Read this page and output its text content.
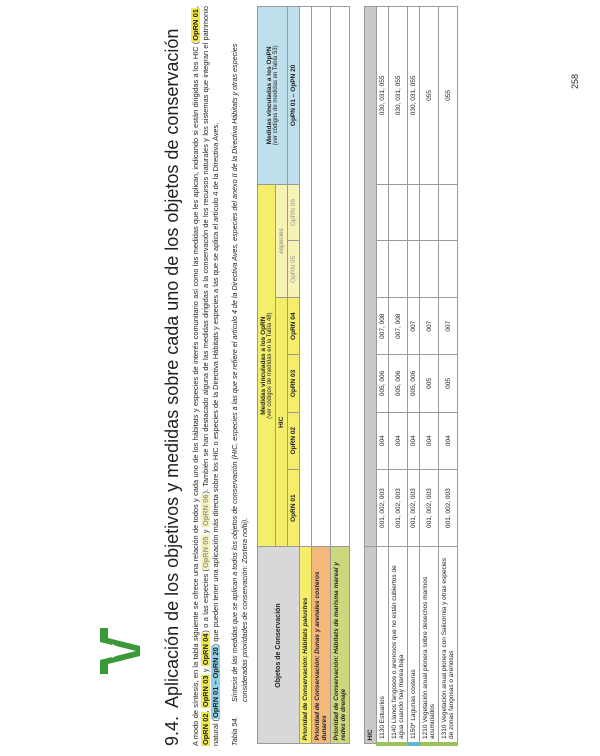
258
9.4.Aplicación de los objetivos y medidas sobre cada uno de los objetos de conservación A modo de síntesis, en la tabla siguiente se ofrece una relación de todos y cada uno de los hábitats y especies de interés comunitario así como las medidas que les aplican, indicando si están dirigidas a los HIC (OpRN 01, OpRN 02, OpRN 03 y OpRN 04) o a las especies (OpRN 05 y OpRN 06). También se han destacado alguna de las medidas dirigidas a la conservación de los recursos naturales y los sistemas que integran el patrimonio natural (OpRN 01 – OpRN 20) que pueden tener una aplicación más directa sobre los HIC o especies de la Directiva Hábitats y especies a las que se aplica el artículo 4 de la Directiva Aves.

Tabla 54.
Síntesis de las medidas que se aplican a todos los objetos de conservación (HIC, especies a las que se refiere el artículo 4 de la Directiva Aves, especies del anexo II de la Directiva Hábitats y otras especies consideradas prioridades de conservación: Zostera noltii).	Objetos de Conservación	Medidas vinculadas a los OpRN (ver códigos de medidas en la Tabla 48)						Medidas vinculadas a los OpPN (ver códigos de medidas en Tabla 53)

	HIC				especies		
	OpRN 01	OpRN 02	OpRN 03	OpRN 04	OpRN 05	OpRN 06	OpPN 01 – OpPN 20
Prioridad de Conservación: Hábitats palustres							
Prioridad de Conservación: Dunas y arenales costeros dunares							
Prioridad de Conservación: Hábitats de marisma mareal y redes de drenaje							

HIC							
1130 Estuarios	001, 002, 003	004	005, 006	007, 008			030, 031, 055
1140 Llanos fangosos o arenosos que no están cubiertos de agua cuando hay marea baja	001, 002, 003	004	005, 006	007, 008			030, 031, 055
1150* Lagunas costeras	001, 002, 003	004	005, 006	007			030, 031, 055
1210 Vegetación anual pionera sobre desechos marinos acumulados	001, 002, 003	004	005	007			055
1310 Vegetación anual pionera con Salicornia y otras especies de zonas fangosas o arenosas	001, 002, 003	004	005	007			055
